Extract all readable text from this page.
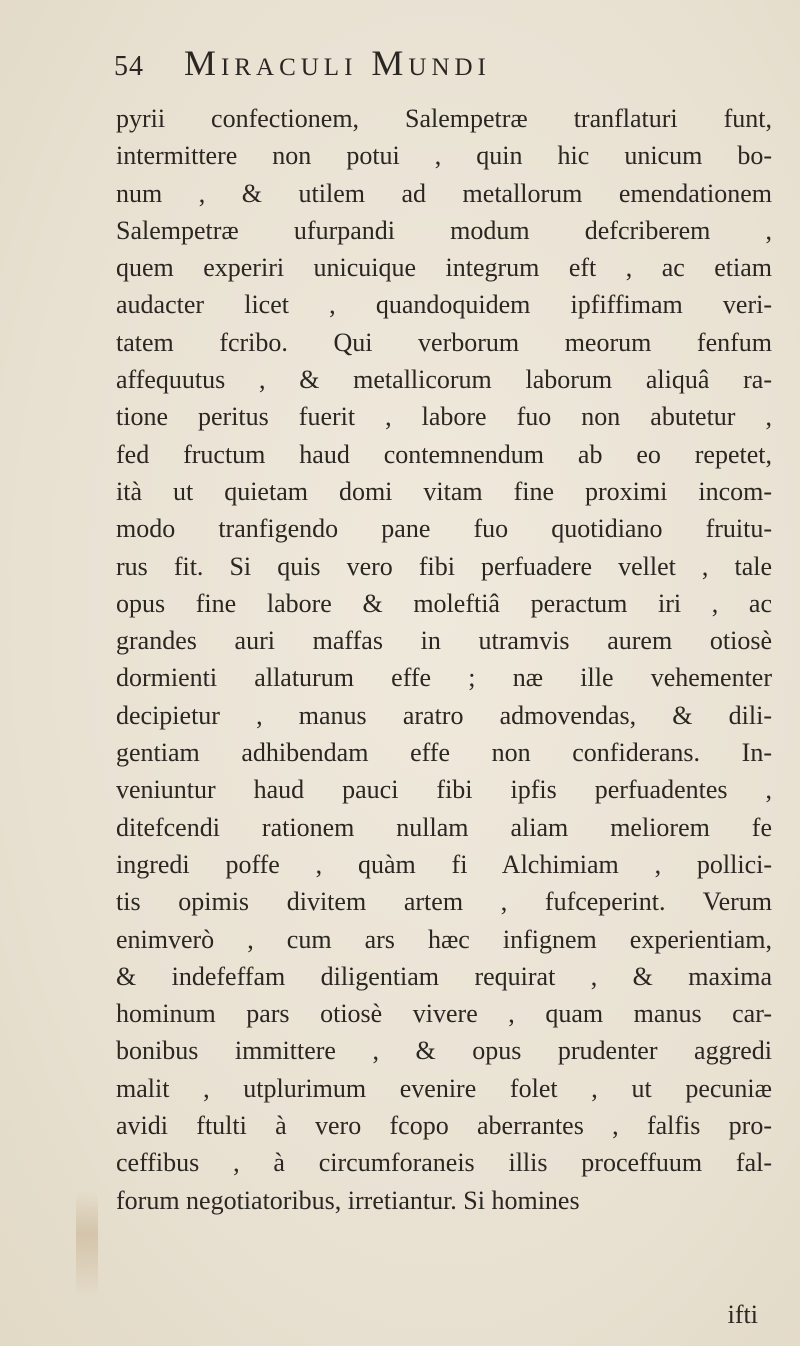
54 Miraculi Mundi
pyrii confectionem, Salempetræ tranflaturi funt,
intermittere non potui , quin hic unicum bo-
num , & utilem ad metallorum emendationem
Salempetræ ufurpandi modum defcriberem ,
quem experiri unicuique integrum eft , ac etiam
audacter licet , quandoquidem ipfiffimam veri-
tatem fcribo. Qui verborum meorum fenfum
affequutus , & metallicorum laborum aliquâ ra-
tione peritus fuerit , labore fuo non abutetur ,
fed fructum haud contemnendum ab eo repetet,
ità ut quietam domi vitam fine proximi incom-
modo tranfigendo pane fuo quotidiano fruitu-
rus fit. Si quis vero fibi perfuadere vellet , tale
opus fine labore & moleftiâ peractum iri , ac
grandes auri maffas in utramvis aurem otiosè
dormienti allaturum effe ; næ ille vehementer
decipietur , manus aratro admovendas, & dili-
gentiam adhibendam effe non confiderans. In-
veniuntur haud pauci fibi ipfis perfuadentes ,
ditefcendi rationem nullam aliam meliorem fe
ingredi poffe , quàm fi Alchimiam , pollici-
tis opimis divitem artem , fufceperint. Verum
enimverò , cum ars hæc infignem experientiam,
& indefeffam diligentiam requirat , & maxima
hominum pars otiosè vivere , quam manus car-
bonibus immittere , & opus prudenter aggredi
malit , utplurimum evenire folet , ut pecuniæ
avidi ftulti à vero fcopo aberrantes , falfis pro-
ceffibus , à circumforaneis illis proceffuum fal-
forum negotiatoribus, irretiantur. Si homines
ifti
